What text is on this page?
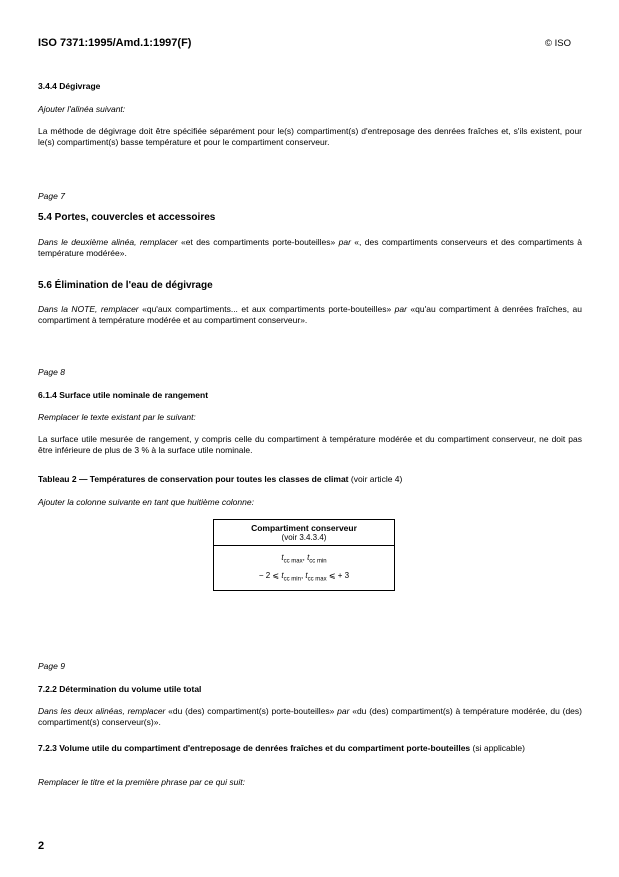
ISO 7371:1995/Amd.1:1997(F)	© ISO
3.4.4 Dégivrage
Ajouter l'alinéa suivant:
La méthode de dégivrage doit être spécifiée séparément pour le(s) compartiment(s) d'entreposage des denrées fraîches et, s'ils existent, pour le(s) compartiment(s) basse température et pour le compartiment conserveur.
Page 7
5.4 Portes, couvercles et accessoires
Dans le deuxième alinéa, remplacer «et des compartiments porte-bouteilles» par «, des compartiments conserveurs et des compartiments à température modérée».
5.6 Élimination de l'eau de dégivrage
Dans la NOTE, remplacer «qu'aux compartiments... et aux compartiments porte-bouteilles» par «qu'au compartiment à denrées fraîches, au compartiment à température modérée et au compartiment conserveur».
Page 8
6.1.4 Surface utile nominale de rangement
Remplacer le texte existant par le suivant:
La surface utile mesurée de rangement, y compris celle du compartiment à température modérée et du compartiment conserveur, ne doit pas être inférieure de plus de 3 % à la surface utile nominale.
Tableau 2 — Températures de conservation pour toutes les classes de climat (voir article 4)
Ajouter la colonne suivante en tant que huitième colonne:
Compartiment conserveur
(voir 3.4.3.4)
$t_{cc max}$, $t_{cc min}$
− 2 ⩽ $t_{cc min}$, $t_{cc max}$ ⩽ + 3
Page 9
7.2.2 Détermination du volume utile total
Dans les deux alinéas, remplacer «du (des) compartiment(s) porte-bouteilles» par «du (des) compartiment(s) à température modérée, du (des) compartiment(s) conserveur(s)».
7.2.3 Volume utile du compartiment d'entreposage de denrées fraîches et du compartiment porte-bouteilles (si applicable)
Remplacer le titre et la première phrase par ce qui suit:
2
